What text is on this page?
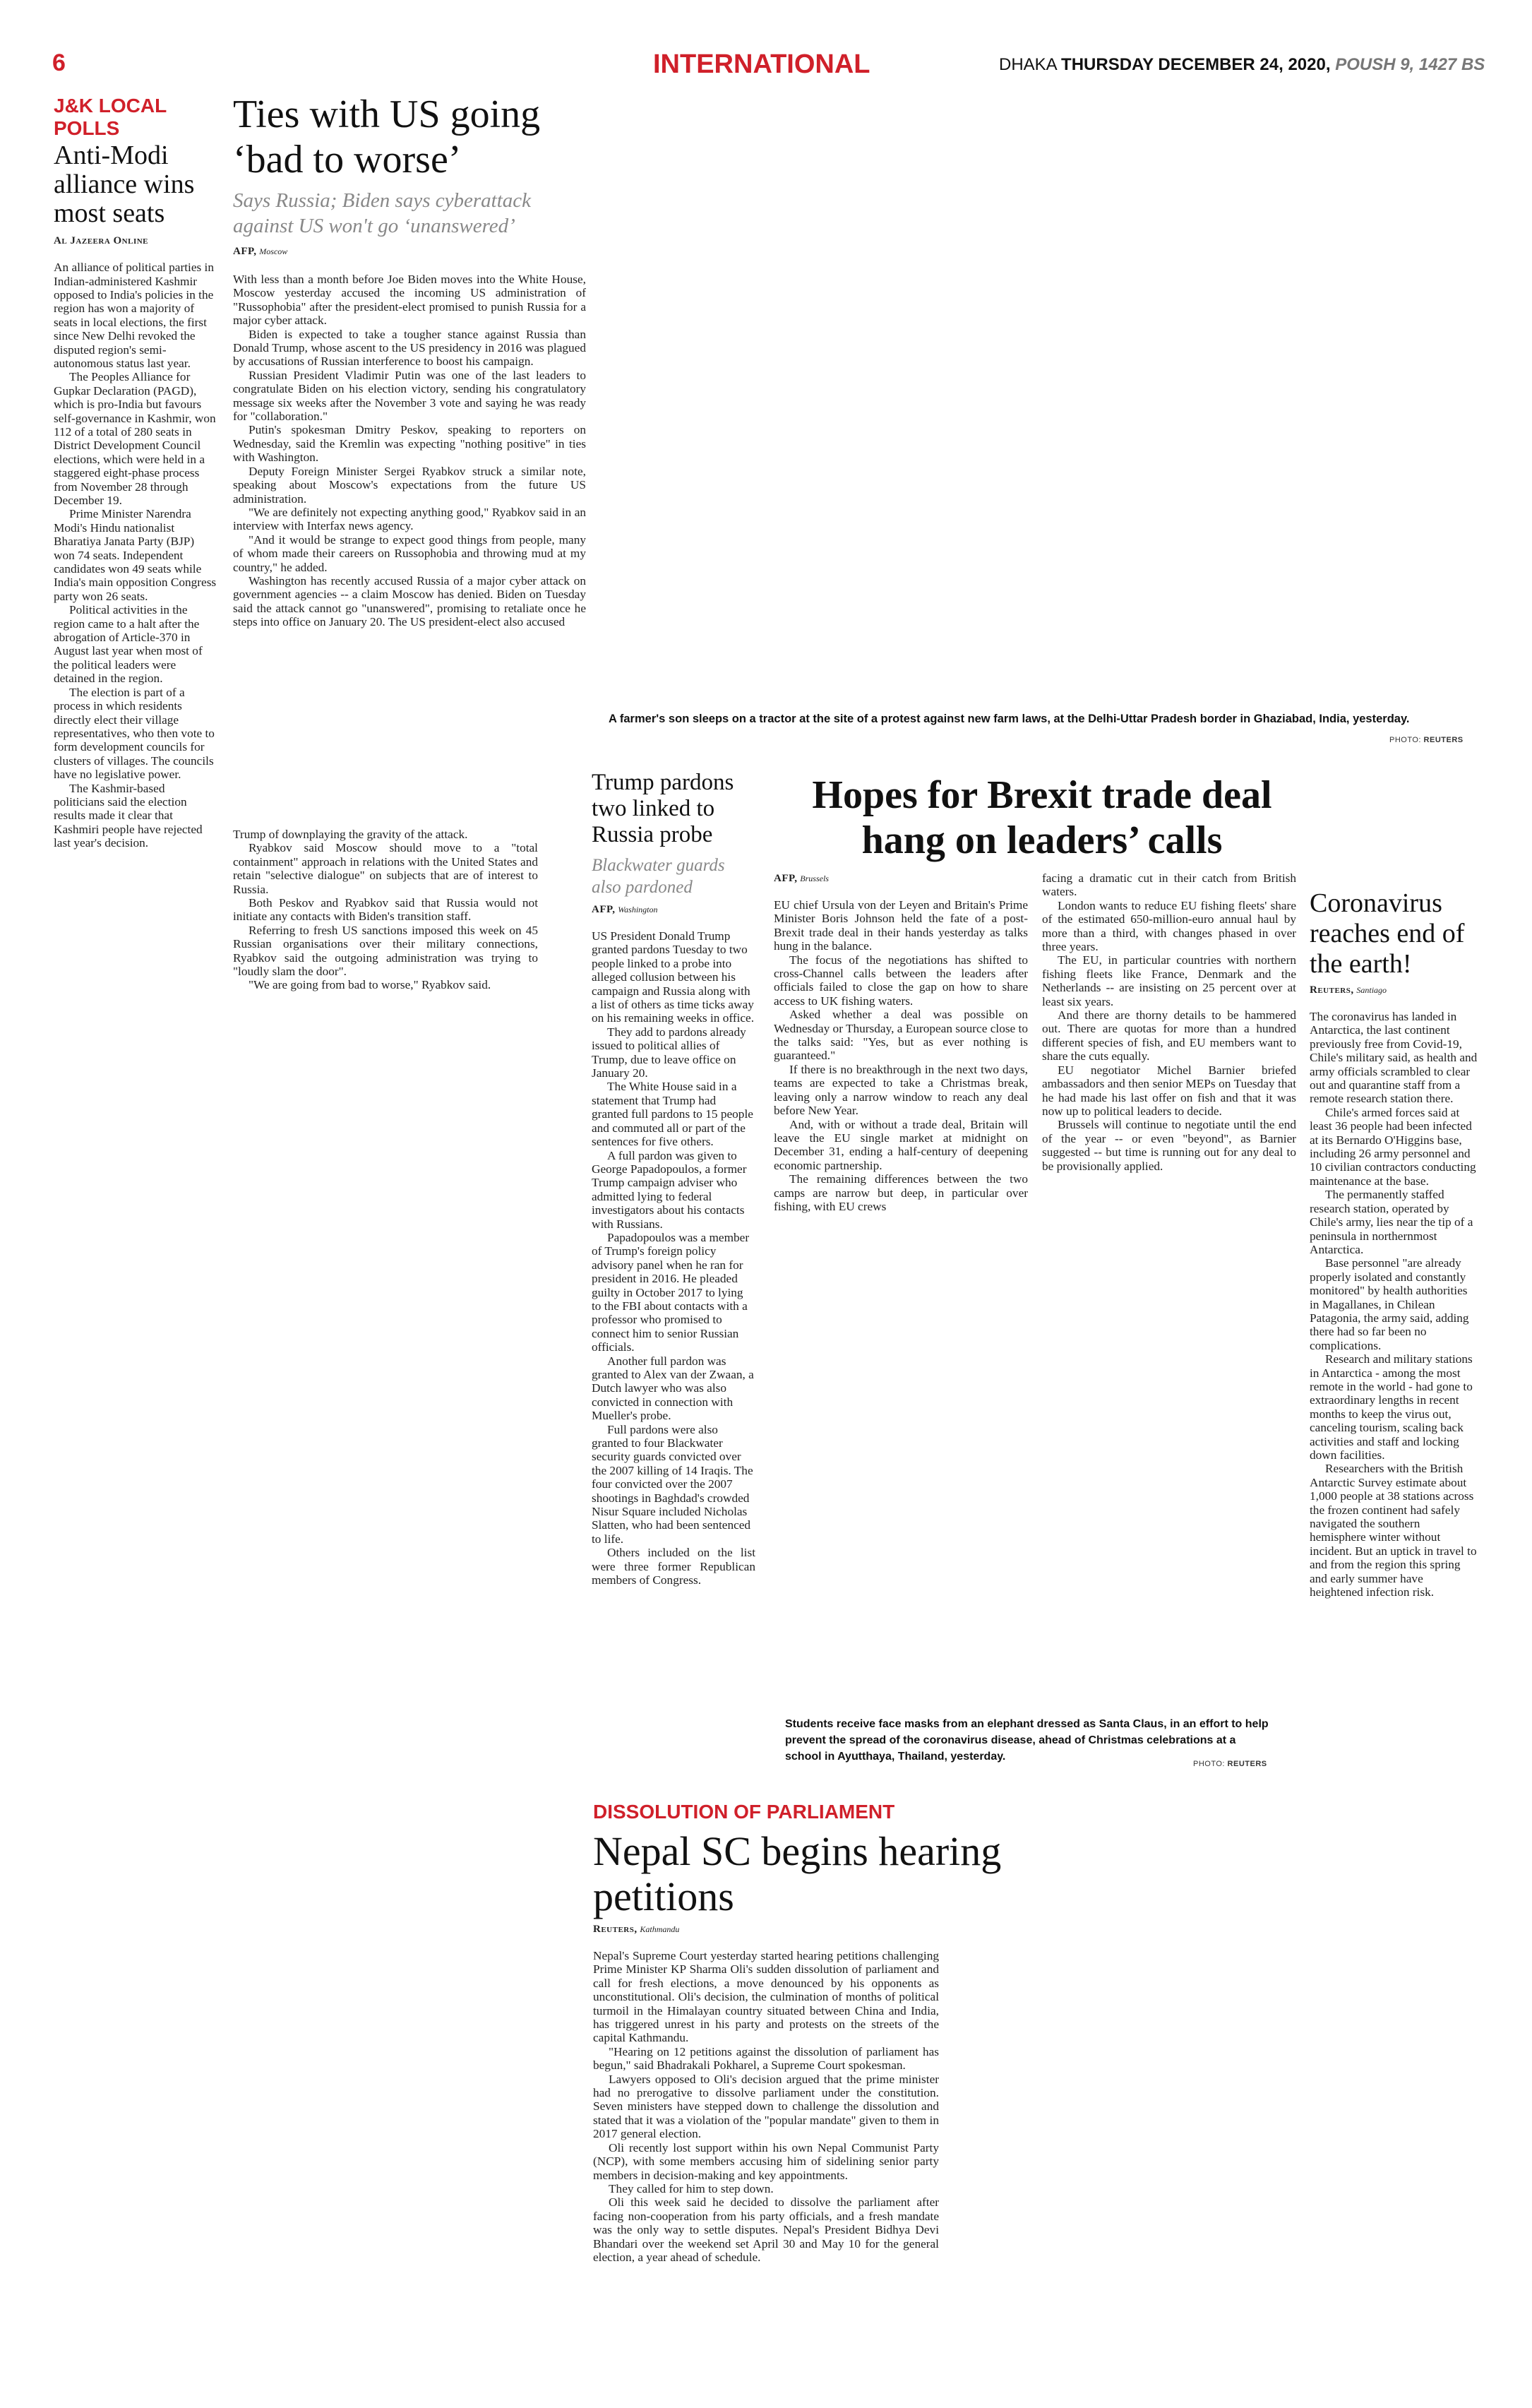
6	INTERNATIONAL	DHAKA THURSDAY DECEMBER 24, 2020, POUSH 9, 1427 BS
J&K LOCAL POLLS
Anti-Modi alliance wins most seats
Al Jazeera Online

An alliance of political parties in Indian-administered Kashmir opposed to India's policies in the region has won a majority of seats in local elections, the first since New Delhi revoked the disputed region's semi-autonomous status last year.

The Peoples Alliance for Gupkar Declaration (PAGD), which is pro-India but favours self-governance in Kashmir, won 112 of a total of 280 seats in District Development Council elections, which were held in a staggered eight-phase process from November 28 through December 19.

Prime Minister Narendra Modi's Hindu nationalist Bharatiya Janata Party (BJP) won 74 seats. Independent candidates won 49 seats while India's main opposition Congress party won 26 seats.

Political activities in the region came to a halt after the abrogation of Article-370 in August last year when most of the political leaders were detained in the region.

The election is part of a process in which residents directly elect their village representatives, who then vote to form development councils for clusters of villages. The councils have no legislative power.

The Kashmir-based politicians said the election results made it clear that Kashmiri people have rejected last year's decision.

Ties with US going ‘bad to worse’
Says Russia; Biden says cyberattack against US won't go ‘unanswered’
AFP, Moscow

With less than a month before Joe Biden moves into the White House, Moscow yesterday accused the incoming US administration of "Russophobia" after the president-elect promised to punish Russia for a major cyber attack.

Biden is expected to take a tougher stance against Russia than Donald Trump, whose ascent to the US presidency in 2016 was plagued by accusations of Russian interference to boost his campaign.

Russian President Vladimir Putin was one of the last leaders to congratulate Biden on his election victory, sending his congratulatory message six weeks after the November 3 vote and saying he was ready for "collaboration."

Putin's spokesman Dmitry Peskov, speaking to reporters on Wednesday, said the Kremlin was expecting "nothing positive" in ties with Washington.

Deputy Foreign Minister Sergei Ryabkov struck a similar note, speaking about Moscow's expectations from the future US administration.

"We are definitely not expecting anything good," Ryabkov said in an interview with Interfax news agency.

"And it would be strange to expect good things from people, many of whom made their careers on Russophobia and throwing mud at my country," he added.

Washington has recently accused Russia of a major cyber attack on government agencies -- a claim Moscow has denied. Biden on Tuesday said the attack cannot go "unanswered", promising to retaliate once he steps into office on January 20. The US president-elect also accused

Trump of downplaying the gravity of the attack.

Ryabkov said Moscow should move to a "total containment" approach in relations with the United States and retain "selective dialogue" on subjects that are of interest to Russia.

Both Peskov and Ryabkov said that Russia would not initiate any contacts with Biden's transition staff.

Referring to fresh US sanctions imposed this week on 45 Russian organisations over their military connections, Ryabkov said the outgoing administration was trying to "loudly slam the door".

"We are going from bad to worse," Ryabkov said.

A farmer's son sleeps on a tractor at the site of a protest against new farm laws, at the Delhi-Uttar Pradesh border in Ghaziabad, India, yesterday.
PHOTO: REUTERS
Trump pardons two linked to Russia probe
Blackwater guards also pardoned
AFP, Washington

US President Donald Trump granted pardons Tuesday to two people linked to a probe into alleged collusion between his campaign and Russia along with a list of others as time ticks away on his remaining weeks in office.

They add to pardons already issued to political allies of Trump, due to leave office on January 20.

The White House said in a statement that Trump had granted full pardons to 15 people and commuted all or part of the sentences for five others.

A full pardon was given to George Papadopoulos, a former Trump campaign adviser who admitted lying to federal investigators about his contacts with Russians.

Papadopoulos was a member of Trump's foreign policy advisory panel when he ran for president in 2016. He pleaded guilty in October 2017 to lying to the FBI about contacts with a professor who promised to connect him to senior Russian officials.

Another full pardon was granted to Alex van der Zwaan, a Dutch lawyer who was also convicted in connection with Mueller's probe.

Full pardons were also granted to four Blackwater security guards convicted over the 2007 killing of 14 Iraqis. The four convicted over the 2007 shootings in Baghdad's crowded Nisur Square included Nicholas Slatten, who had been sentenced to life.

Others included on the list were three former Republican members of Congress.

Hopes for Brexit trade deal hang on leaders’ calls
AFP, Brussels

EU chief Ursula von der Leyen and Britain's Prime Minister Boris Johnson held the fate of a post-Brexit trade deal in their hands yesterday as talks hung in the balance.

The focus of the negotiations has shifted to cross-Channel calls between the leaders after officials failed to close the gap on how to share access to UK fishing waters.

Asked whether a deal was possible on Wednesday or Thursday, a European source close to the talks said: "Yes, but as ever nothing is guaranteed."

If there is no breakthrough in the next two days, teams are expected to take a Christmas break, leaving only a narrow window to reach any deal before New Year.

And, with or without a trade deal, Britain will leave the EU single market at midnight on December 31, ending a half-century of deepening economic partnership.

The remaining differences between the two camps are narrow but deep, in particular over fishing, with EU crews

facing a dramatic cut in their catch from British waters.

London wants to reduce EU fishing fleets' share of the estimated 650-million-euro annual haul by more than a third, with changes phased in over three years.

The EU, in particular countries with northern fishing fleets like France, Denmark and the Netherlands -- are insisting on 25 percent over at least six years.

And there are thorny details to be hammered out. There are quotas for more than a hundred different species of fish, and EU members want to share the cuts equally.

EU negotiator Michel Barnier briefed ambassadors and then senior MEPs on Tuesday that he had made his last offer on fish and that it was now up to political leaders to decide.

Brussels will continue to negotiate until the end of the year -- or even "beyond", as Barnier suggested -- but time is running out for any deal to be provisionally applied.

Students receive face masks from an elephant dressed as Santa Claus, in an effort to help prevent the spread of the coronavirus disease, ahead of Christmas celebrations at a school in Ayutthaya, Thailand, yesterday.
PHOTO: REUTERS
Coronavirus reaches end of the earth!
Reuters, Santiago

The coronavirus has landed in Antarctica, the last continent previously free from Covid-19, Chile's military said, as health and army officials scrambled to clear out and quarantine staff from a remote research station there.

Chile's armed forces said at least 36 people had been infected at its Bernardo O'Higgins base, including 26 army personnel and 10 civilian contractors conducting maintenance at the base.

The permanently staffed research station, operated by Chile's army, lies near the tip of a peninsula in northernmost Antarctica.

Base personnel "are already properly isolated and constantly monitored" by health authorities in Magallanes, in Chilean Patagonia, the army said, adding there had so far been no complications.

Research and military stations in Antarctica - among the most remote in the world - had gone to extraordinary lengths in recent months to keep the virus out, canceling tourism, scaling back activities and staff and locking down facilities.

Researchers with the British Antarctic Survey estimate about 1,000 people at 38 stations across the frozen continent had safely navigated the southern hemisphere winter without incident. But an uptick in travel to and from the region this spring and early summer have heightened infection risk.

DISSOLUTION OF PARLIAMENT
Nepal SC begins hearing petitions
Reuters, Kathmandu

Nepal's Supreme Court yesterday started hearing petitions challenging Prime Minister KP Sharma Oli's sudden dissolution of parliament and call for fresh elections, a move denounced by his opponents as unconstitutional. Oli's decision, the culmination of months of political turmoil in the Himalayan country situated between China and India, has triggered unrest in his party and protests on the streets of the capital Kathmandu.

"Hearing on 12 petitions against the dissolution of parliament has begun," said Bhadrakali Pokharel, a Supreme Court spokesman.

Lawyers opposed to Oli's decision argued that the prime minister had no prerogative to dissolve parliament under the constitution. Seven ministers have stepped down to challenge the dissolution and stated that it was a violation of the "popular mandate" given to them in 2017 general election.

Oli recently lost support within his own Nepal Communist Party (NCP), with some members accusing him of sidelining senior party members in decision-making and key appointments.

They called for him to step down.

Oli this week said he decided to dissolve the parliament after facing non-cooperation from his party officials, and a fresh mandate was the only way to settle disputes. Nepal's President Bidhya Devi Bhandari over the weekend set April 30 and May 10 for the general election, a year ahead of schedule.
